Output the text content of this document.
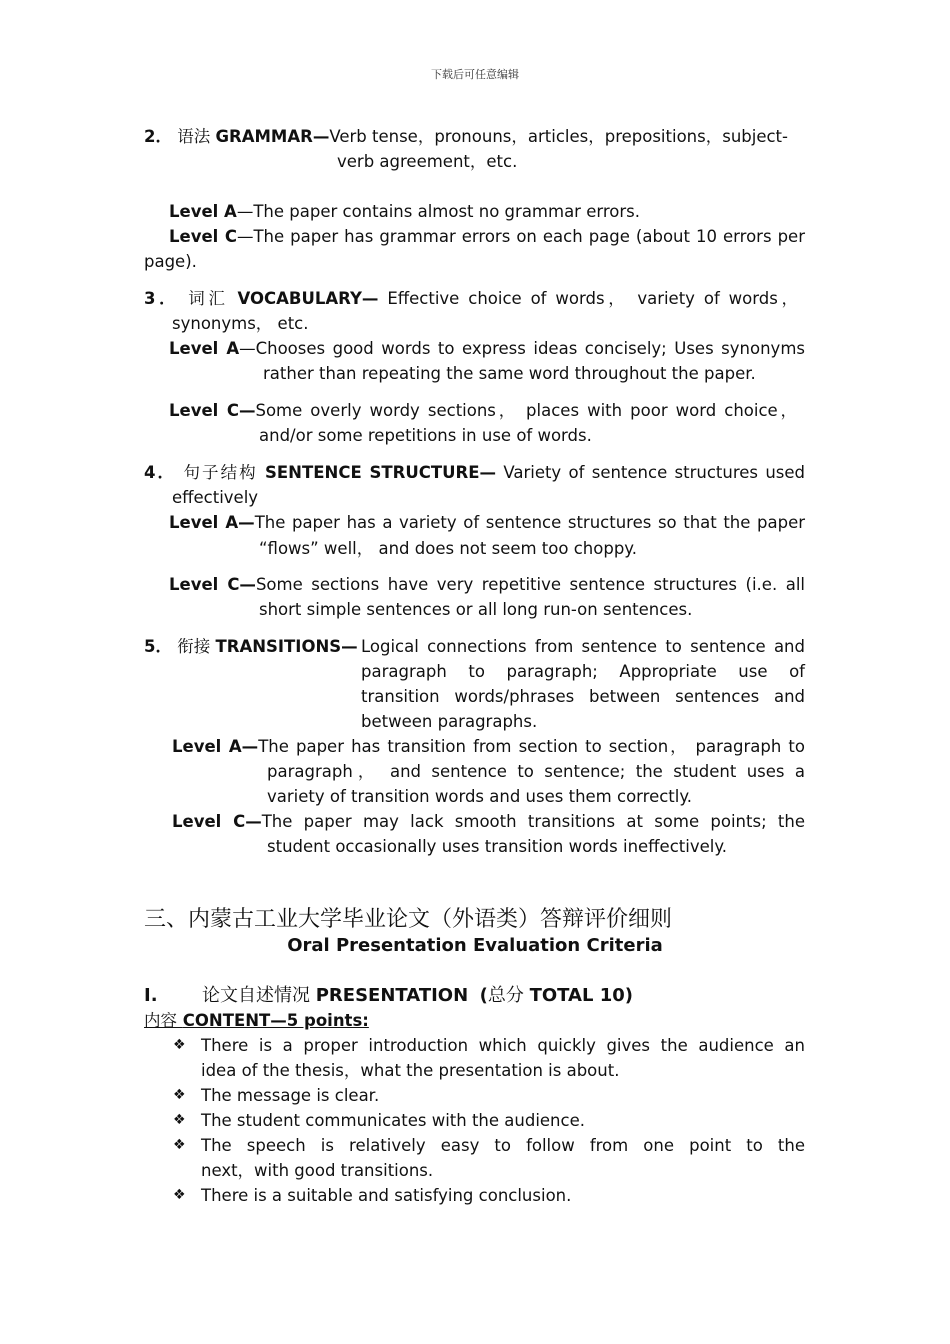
下载后可任意编辑
2． 语法 GRAMMAR—Verb tense，pronouns，articles，prepositions，subject-
verb agreement，etc.
Level A—The paper contains almost no grammar errors.
Level C—The paper has grammar errors on each page (about 10 errors per
page).
3． 词汇 VOCABULARY— Effective choice of words， variety of words，
synonyms， etc.
Level A—Chooses good words to express ideas concisely; Uses synonyms
rather than repeating the same word throughout the paper.
Level C—Some overly wordy sections， places with poor word choice，
and/or some repetitions in use of words.
4． 句子结构 SENTENCE STRUCTURE— Variety of sentence structures used
effectively
Level A—The paper has a variety of sentence structures so that the paper
“flows” well， and does not seem too choppy.
Level C—Some sections have very repetitive sentence structures (i.e. all
short simple sentences or all long run-on sentences.
5． 衔接 TRANSITIONS— Logical connections from sentence to sentence and
paragraph to paragraph; Appropriate use of
transition words/phrases between sentences and
between paragraphs.
Level A—The paper has transition from section to section， paragraph to
paragraph， and sentence to sentence; the student uses a
variety of transition words and uses them correctly.
Level C—The paper may lack smooth transitions at some points; the
student occasionally uses transition words ineffectively.
三、内蒙古工业大学毕业论文（外语类）答辩评价细则
Oral Presentation Evaluation Criteria
I. 论文自述情况 PRESENTATION (总分 TOTAL 10)
内容 CONTENT—5 points:
❖ There is a proper introduction which quickly gives the audience an
idea of the thesis，what the presentation is about.
❖ The message is clear.
❖ The student communicates with the audience.
❖ The speech is relatively easy to follow from one point to the
next，with good transitions.
❖ There is a suitable and satisfying conclusion.
